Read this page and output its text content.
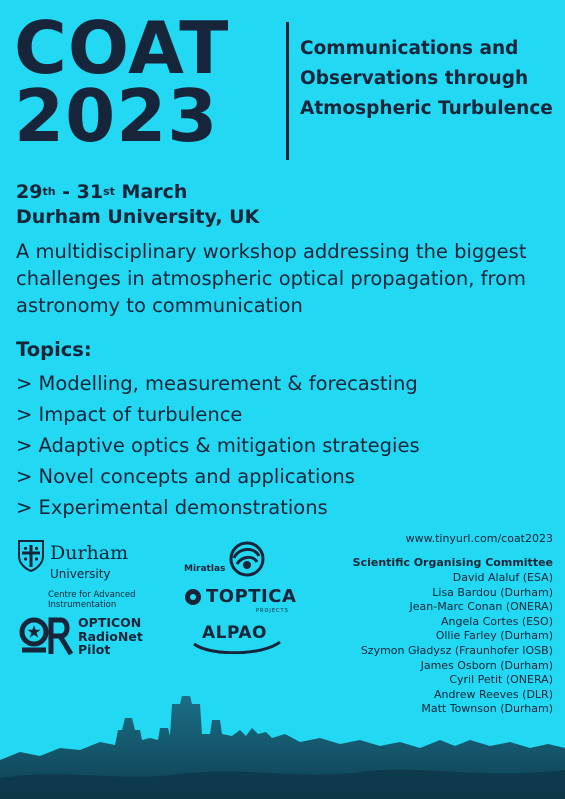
COAT
2023
Communications and Observations through Atmospheric Turbulence
29th - 31st March
Durham University, UK
A multidisciplinary workshop addressing the biggest challenges in atmospheric optical propagation, from astronomy to communication
Topics:
> Modelling, measurement & forecasting
> Impact of turbulence
> Adaptive optics & mitigation strategies
> Novel concepts and applications
> Experimental demonstrations
www.tinyurl.com/coat2023
Scientific Organising Committee
David Alaluf (ESA)
Lisa Bardou (Durham)
Jean-Marc Conan (ONERA)
Angela Cortes (ESO)
Ollie Farley (Durham)
Szymon Gładysz (Fraunhofer IOSB)
James Osborn (Durham)
Cyril Petit (ONERA)
Andrew Reeves (DLR)
Matt Townson (Durham)
Durham
University
Centre for Advanced Instrumentation
OPTICON
RadioNet
Pilot
Miratlas
TOPTICA
PROJECTS
ALPAO
